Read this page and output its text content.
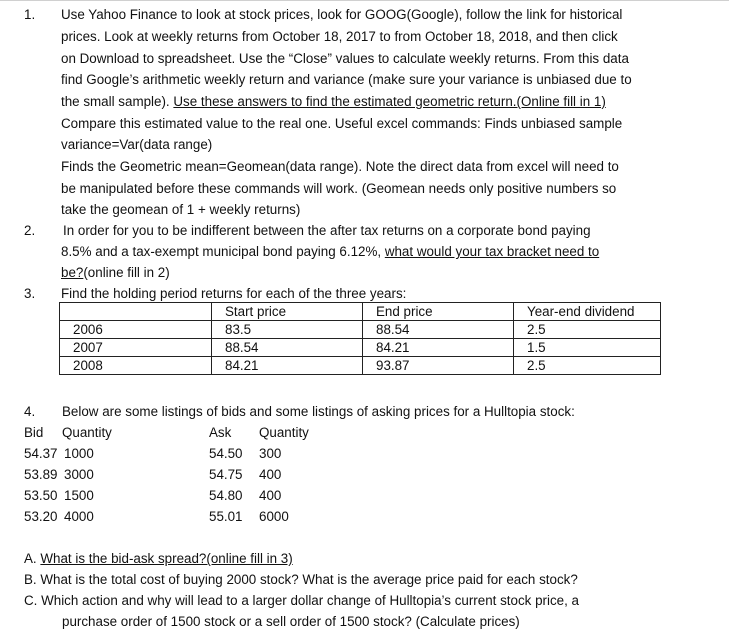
1. Use Yahoo Finance to look at stock prices, look for GOOG(Google), follow the link for historical
prices. Look at weekly returns from October 18, 2017 to from October 18, 2018, and then click
on Download to spreadsheet. Use the “Close” values to calculate weekly returns. From this data
find Google’s arithmetic weekly return and variance (make sure your variance is unbiased due to
the small sample). Use these answers to find the estimated geometric return.(Online fill in 1)
Compare this estimated value to the real one. Useful excel commands: Finds unbiased sample
variance=Var(data range)
Finds the Geometric mean=Geomean(data range). Note the direct data from excel will need to
be manipulated before these commands will work. (Geomean needs only positive numbers so
take the geomean of 1 + weekly returns)
2. In order for you to be indifferent between the after tax returns on a corporate bond paying
8.5% and a tax-exempt municipal bond paying 6.12%, what would your tax bracket need to
be?(online fill in 2)
3. Find the holding period returns for each of the three years:
	Start price	End price	Year-end dividend
2006	83.5	88.54	2.5
2007	88.54	84.21	1.5
2008	84.21	93.87	2.5
4. Below are some listings of bids and some listings of asking prices for a Hulltopia stock:
Bid Quantity	Ask Quantity
54.37 1000	54.50 300
53.89 3000	54.75 400
53.50 1500	54.80 400
53.20 4000	55.01 6000
A. What is the bid-ask spread?(online fill in 3)
B. What is the total cost of buying 2000 stock? What is the average price paid for each stock?
C. Which action and why will lead to a larger dollar change of Hulltopia’s current stock price, a
purchase order of 1500 stock or a sell order of 1500 stock? (Calculate prices)
